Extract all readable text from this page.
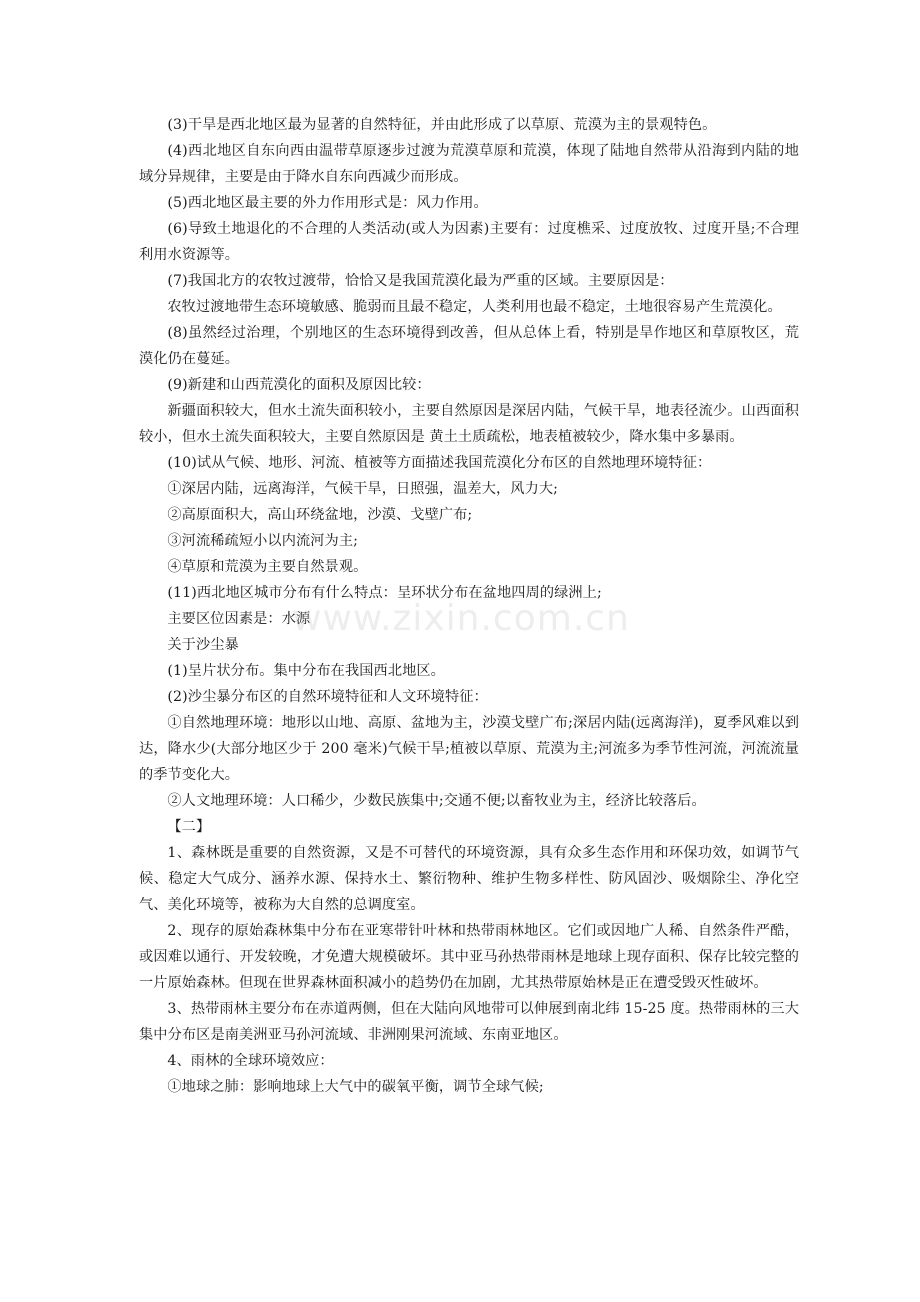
(3)干旱是西北地区最为显著的自然特征，并由此形成了以草原、荒漠为主的景观特色。

(4)西北地区自东向西由温带草原逐步过渡为荒漠草原和荒漠，体现了陆地自然带从沿海到内陆的地域分异规律，主要是由于降水自东向西减少而形成。

(5)西北地区最主要的外力作用形式是：风力作用。

(6)导致土地退化的不合理的人类活动(或人为因素)主要有：过度樵采、过度放牧、过度开垦;不合理利用水资源等。

(7)我国北方的农牧过渡带，恰恰又是我国荒漠化最为严重的区域。主要原因是：

农牧过渡地带生态环境敏感、脆弱而且最不稳定，人类利用也最不稳定，土地很容易产生荒漠化。

(8)虽然经过治理，个别地区的生态环境得到改善，但从总体上看，特别是旱作地区和草原牧区，荒漠化仍在蔓延。

(9)新建和山西荒漠化的面积及原因比较：

新疆面积较大，但水土流失面积较小，主要自然原因是深居内陆，气候干旱，地表径流少。山西面积较小，但水土流失面积较大，主要自然原因是 黄土土质疏松，地表植被较少，降水集中多暴雨。

(10)试从气候、地形、河流、植被等方面描述我国荒漠化分布区的自然地理环境特征：

①深居内陆，远离海洋，气候干旱，日照强，温差大，风力大;

②高原面积大，高山环绕盆地，沙漠、戈壁广布;

③河流稀疏短小以内流河为主;

④草原和荒漠为主要自然景观。

(11)西北地区城市分布有什么特点：呈环状分布在盆地四周的绿洲上;

主要区位因素是：水源

关于沙尘暴

(1)呈片状分布。集中分布在我国西北地区。

(2)沙尘暴分布区的自然环境特征和人文环境特征：

①自然地理环境：地形以山地、高原、盆地为主，沙漠戈壁广布;深居内陆(远离海洋)，夏季风难以到达，降水少(大部分地区少于 200 毫米)气候干旱;植被以草原、荒漠为主;河流多为季节性河流，河流流量的季节变化大。

②人文地理环境：人口稀少，少数民族集中;交通不便;以畜牧业为主，经济比较落后。

【二】

1、森林既是重要的自然资源，又是不可替代的环境资源，具有众多生态作用和环保功效，如调节气候、稳定大气成分、涵养水源、保持水土、繁衍物种、维护生物多样性、防风固沙、吸烟除尘、净化空气、美化环境等，被称为大自然的总调度室。

2、现存的原始森林集中分布在亚寒带针叶林和热带雨林地区。它们或因地广人稀、自然条件严酷，或因难以通行、开发较晚，才免遭大规模破坏。其中亚马孙热带雨林是地球上现存面积、保存比较完整的一片原始森林。但现在世界森林面积减小的趋势仍在加剧，尤其热带原始林是正在遭受毁灭性破坏。

3、热带雨林主要分布在赤道两侧，但在大陆向风地带可以伸展到南北纬 15-25 度。热带雨林的三大集中分布区是南美洲亚马孙河流域、非洲刚果河流域、东南亚地区。

4、雨林的全球环境效应：

①地球之肺：影响地球上大气中的碳氧平衡，调节全球气候;

www.zixin.com.cn
